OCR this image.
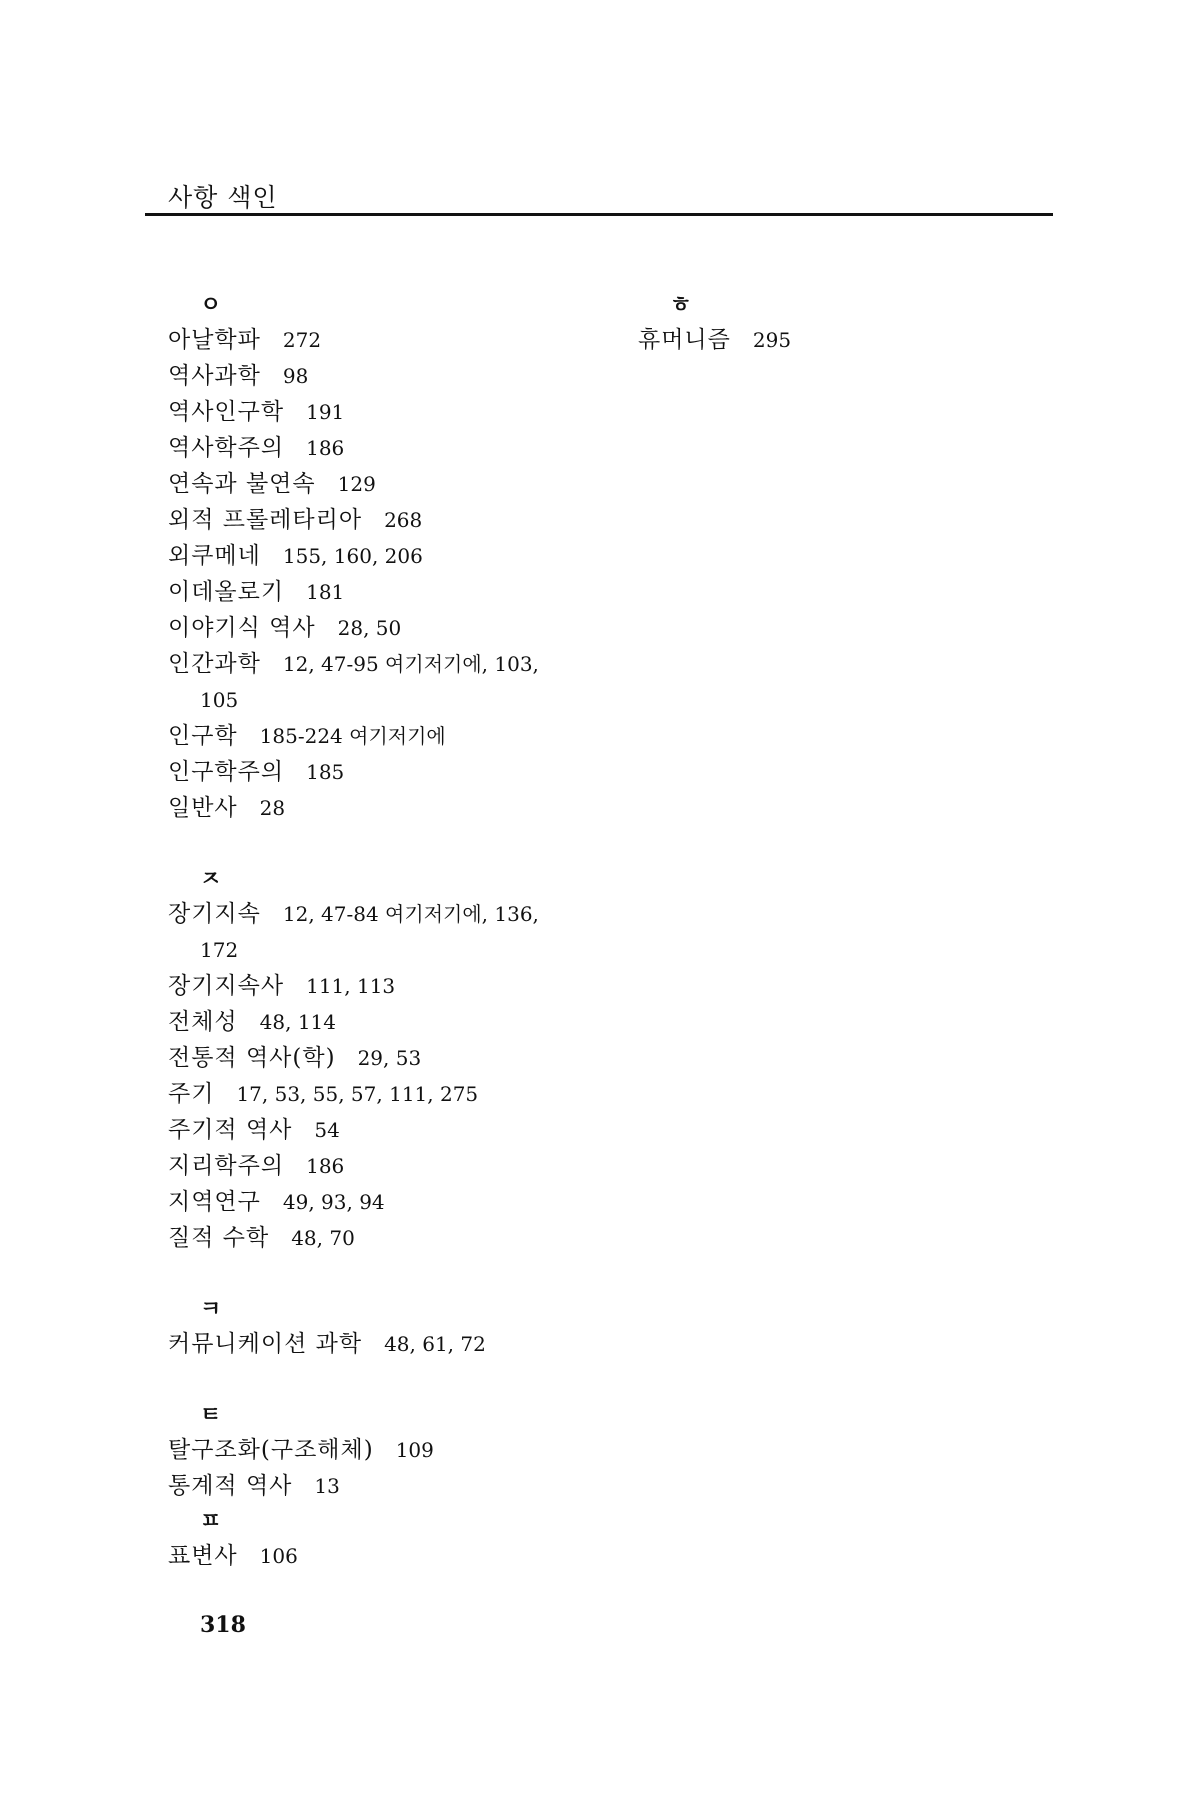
사항 색인
ㅇ
아날학파 272
역사과학 98
역사인구학 191
역사학주의 186
연속과 불연속 129
외적 프롤레타리아 268
외쿠메네 155, 160, 206
이데올로기 181
이야기식 역사 28, 50
인간과학 12, 47-95 여기저기에, 103,
105
인구학 185-224 여기저기에
인구학주의 185
일반사 28
ㅈ
장기지속 12, 47-84 여기저기에, 136,
172
장기지속사 111, 113
전체성 48, 114
전통적 역사(학) 29, 53
주기 17, 53, 55, 57, 111, 275
주기적 역사 54
지리학주의 186
지역연구 49, 93, 94
질적 수학 48, 70
ㅋ
커뮤니케이션 과학 48, 61, 72
ㅌ
탈구조화(구조해체) 109
통계적 역사 13
ㅍ
표변사 106
ㅎ
휴머니즘 295
318
